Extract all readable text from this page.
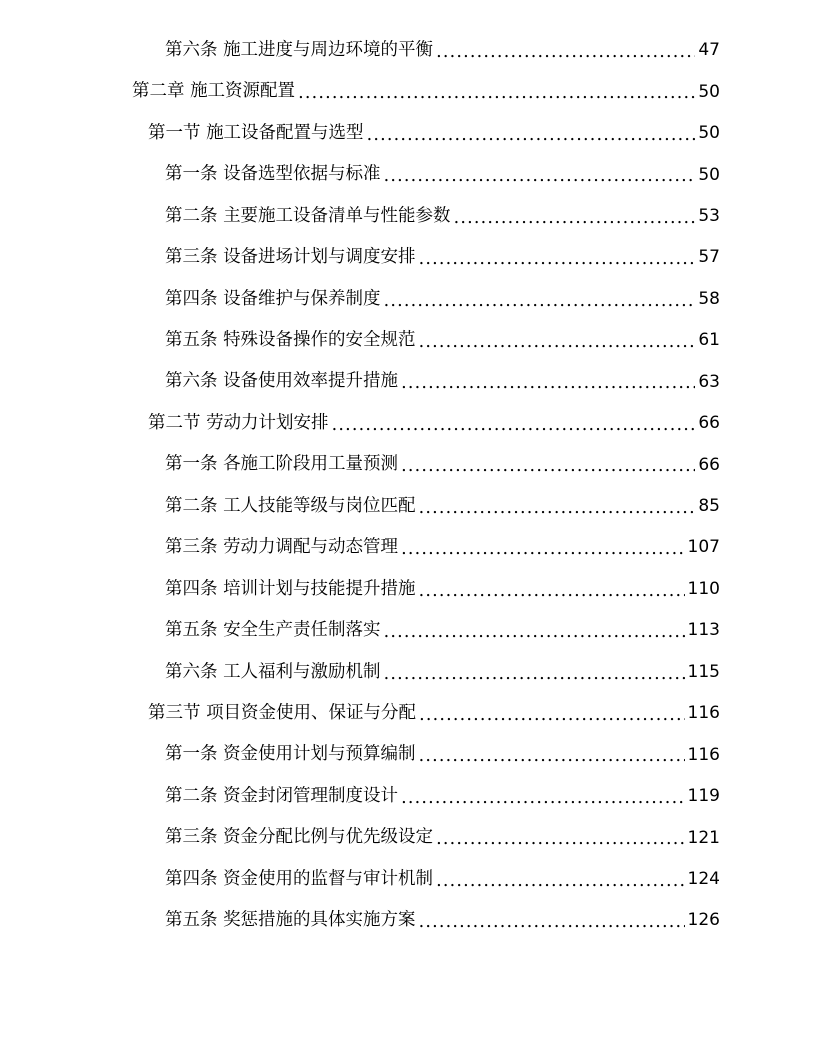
第六条 施工进度与周边环境的平衡 .....	47
第二章 施工资源配置 .....	50
第一节 施工设备配置与选型 .....	50
第一条 设备选型依据与标准 .....	50
第二条 主要施工设备清单与性能参数 .....	53
第三条 设备进场计划与调度安排 .....	57
第四条 设备维护与保养制度 .....	58
第五条 特殊设备操作的安全规范 .....	61
第六条 设备使用效率提升措施 .....	63
第二节 劳动力计划安排 .....	66
第一条 各施工阶段用工量预测 .....	66
第二条 工人技能等级与岗位匹配 .....	85
第三条 劳动力调配与动态管理 .....	107
第四条 培训计划与技能提升措施 .....	110
第五条 安全生产责任制落实 .....	113
第六条 工人福利与激励机制 .....	115
第三节 项目资金使用、保证与分配 .....	116
第一条 资金使用计划与预算编制 .....	116
第二条 资金封闭管理制度设计 .....	119
第三条 资金分配比例与优先级设定 .....	121
第四条 资金使用的监督与审计机制 .....	124
第五条 奖惩措施的具体实施方案 .....	126
